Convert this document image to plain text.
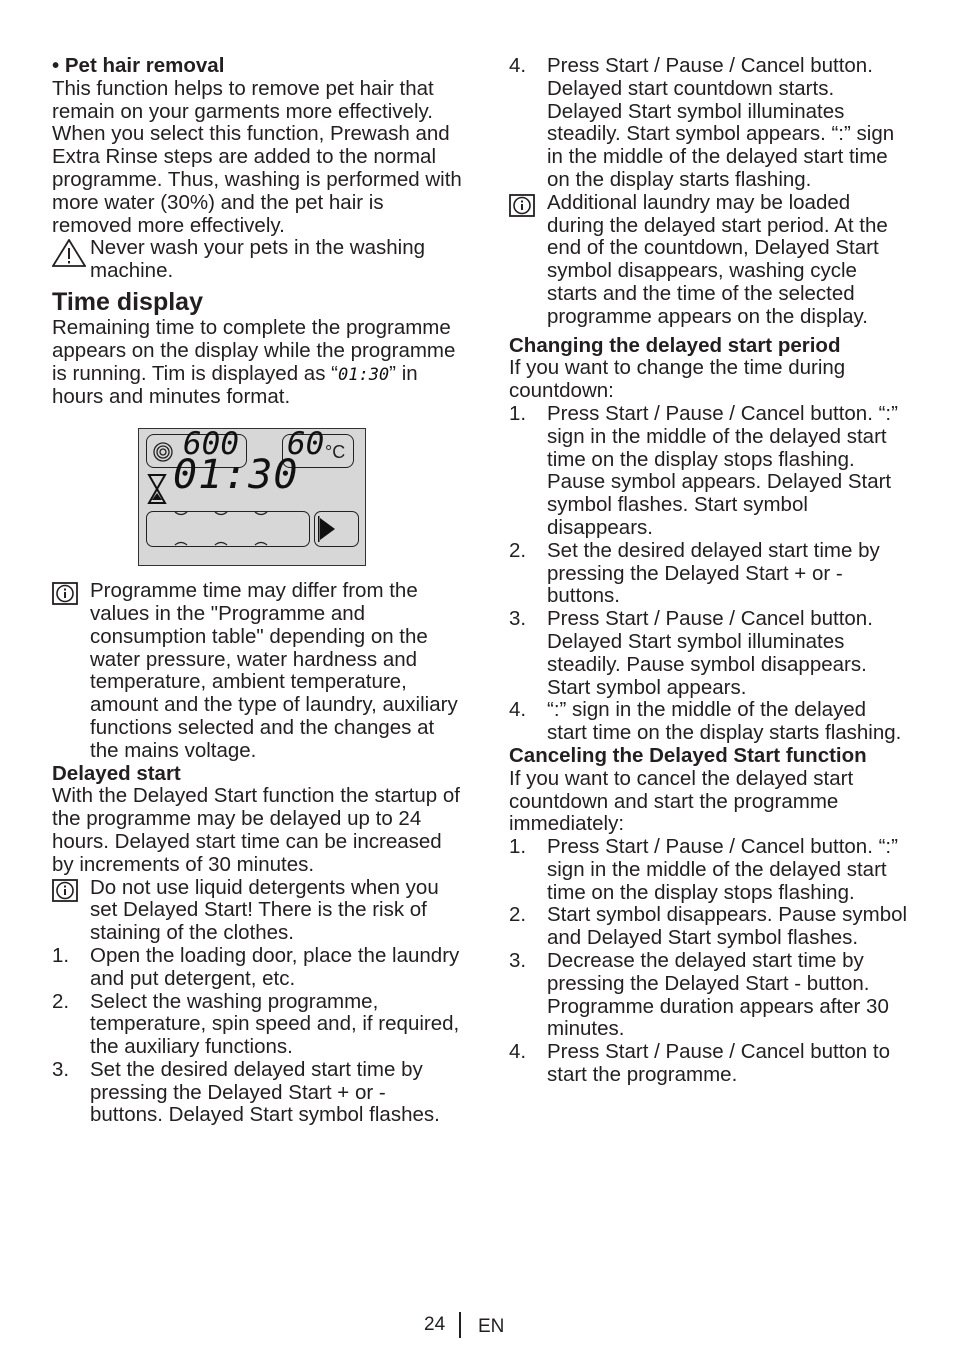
• Pet hair removal

This function helps to remove pet hair that remain on your garments more effectively.

When you select this function, Prewash and Extra Rinse steps are added to the normal programme. Thus, washing is performed with more water (30%) and the pet hair is removed more effectively.

Never wash your pets in the washing machine.

Time display

Remaining time to complete the programme appears on the display while the programme is running. Tim is displayed as “01:30” in hours and minutes format.

600 60 °C
01:30
Programme time may differ from the values in the "Programme and consumption table" depending on the water pressure, water hardness and temperature, ambient temperature, amount and the type of laundry, auxiliary functions selected and the changes at the mains voltage.

Delayed start

With the Delayed Start function the startup of the programme may be delayed up to 24 hours. Delayed start time can be increased by increments of 30 minutes.

Do not use liquid detergents when you set Delayed Start! There is the risk of staining of the clothes.
1. Open the loading door, place the laundry and put detergent, etc.
2. Select the washing programme, temperature, spin speed and, if required, the auxiliary functions.
3. Set the desired delayed start time by pressing the Delayed Start + or - buttons. Delayed Start symbol flashes.
4. Press Start / Pause / Cancel button. Delayed start countdown starts. Delayed Start symbol illuminates steadily. Start symbol appears. “:” sign in the middle of the delayed start time on the display starts flashing.
Additional laundry may be loaded during the delayed start period. At the end of the countdown, Delayed Start symbol disappears, washing cycle starts and the time of the selected programme appears on the display.

Changing the delayed start period

If you want to change the time during countdown:

1. Press Start / Pause / Cancel button. “:” sign in the middle of the delayed start time on the display stops flashing. Pause symbol appears. Delayed Start symbol flashes. Start symbol disappears.
2. Set the desired delayed start time by pressing the Delayed Start + or - buttons.
3. Press Start / Pause / Cancel button. Delayed Start symbol illuminates steadily. Pause symbol disappears. Start symbol appears.
4. “:” sign in the middle of the delayed start time on the display starts flashing.

Canceling the Delayed Start function

If you want to cancel the delayed start countdown and start the programme immediately:

1. Press Start / Pause / Cancel button. “:” sign in the middle of the delayed start time on the display stops flashing.
2. Start symbol disappears. Pause symbol and Delayed Start symbol flashes.
3. Decrease the delayed start time by pressing the Delayed Start - button. Programme duration appears after 30 minutes.
4. Press Start / Pause / Cancel button to start the programme.
24 EN
